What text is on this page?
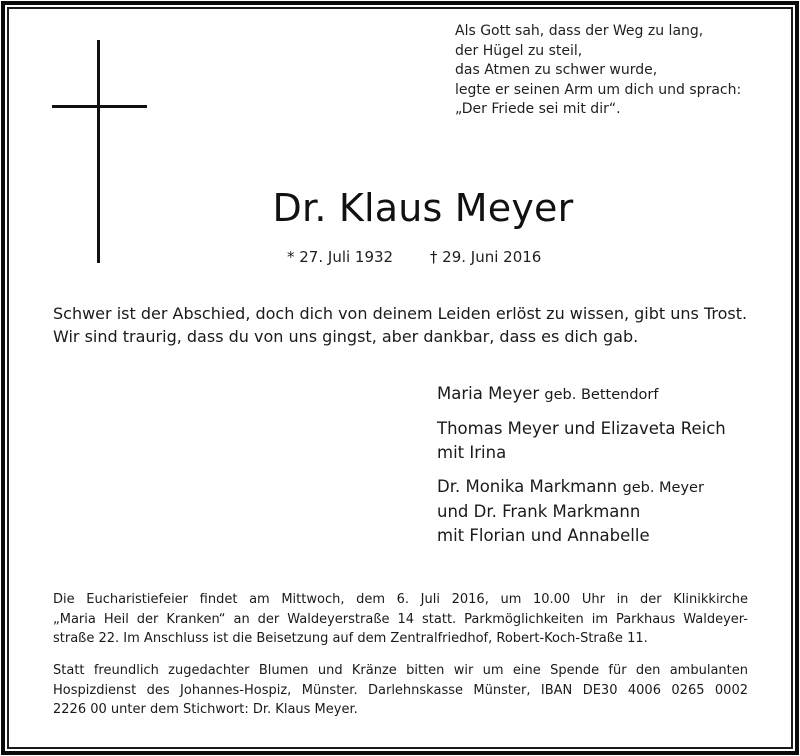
Als Gott sah, dass der Weg zu lang,
der Hügel zu steil,
das Atmen zu schwer wurde,
legte er seinen Arm um dich und sprach:
„Der Friede sei mit dir“.
Dr. Klaus Meyer
* 27. Juli 1932 † 29. Juni 2016
Schwer ist der Abschied, doch dich von deinem Leiden erlöst zu wissen, gibt uns Trost.
Wir sind traurig, dass du von uns gingst, aber dankbar, dass es dich gab.
Maria Meyer geb. Bettendorf
Thomas Meyer und Elizaveta Reich
mit Irina
Dr. Monika Markmann geb. Meyer
und Dr. Frank Markmann
mit Florian und Annabelle
Die Eucharistiefeier findet am Mittwoch, dem 6. Juli 2016, um 10.00 Uhr in der Klinikkirche
„Maria Heil der Kranken“ an der Waldeyerstraße 14 statt. Parkmöglichkeiten im Parkhaus Waldeyer-
straße 22. Im Anschluss ist die Beisetzung auf dem Zentralfriedhof, Robert-Koch-Straße 11.
Statt freundlich zugedachter Blumen und Kränze bitten wir um eine Spende für den ambulanten
Hospizdienst des Johannes-Hospiz, Münster. Darlehnskasse Münster, IBAN DE30 4006 0265 0002
2226 00 unter dem Stichwort: Dr. Klaus Meyer.
